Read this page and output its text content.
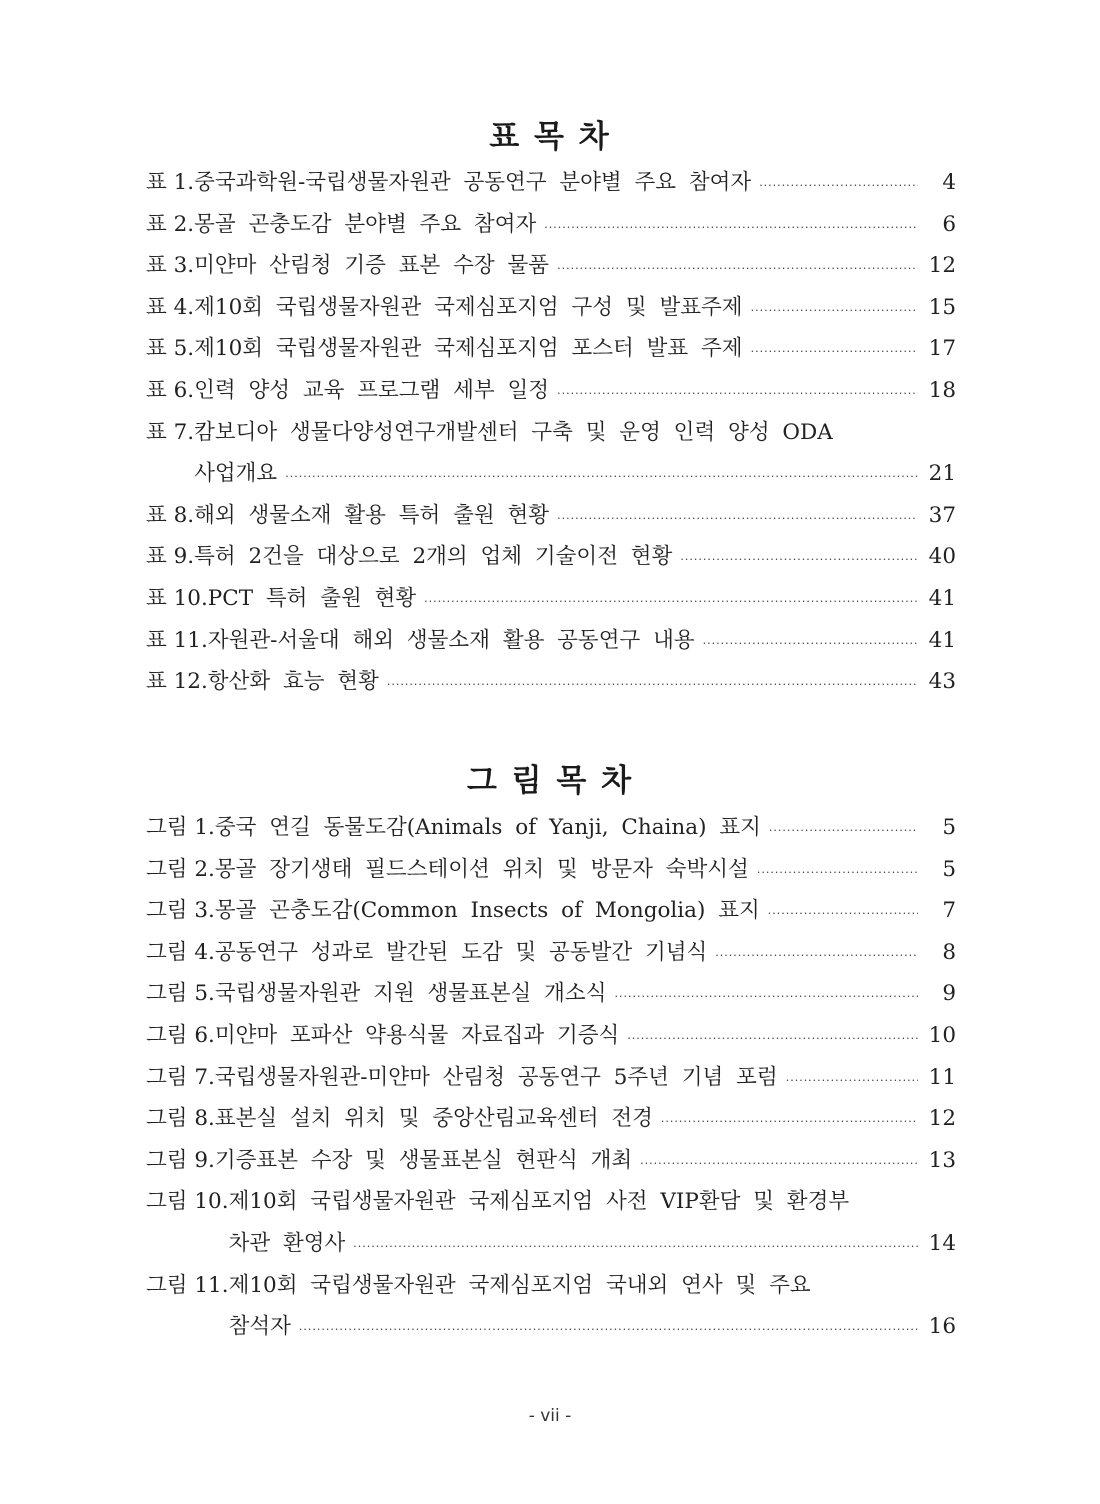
표 목 차
표 1. 중국과학원-국립생물자원관 공동연구 분야별 주요 참여자 ·····	4
표 2. 몽골 곤충도감 분야별 주요 참여자 ·····	6
표 3. 미얀마 산림청 기증 표본 수장 물품 ·····	12
표 4. 제10회 국립생물자원관 국제심포지엄 구성 및 발표주제 ·····	15
표 5. 제10회 국립생물자원관 국제심포지엄 포스터 발표 주제 ·····	17
표 6. 인력 양성 교육 프로그램 세부 일정 ·····	18
표 7. 캄보디아 생물다양성연구개발센터 구축 및 운영 인력 양성 ODA
사업개요 ·····	21
표 8. 해외 생물소재 활용 특허 출원 현황 ·····	37
표 9. 특허 2건을 대상으로 2개의 업체 기술이전 현황 ·····	40
표 10. PCT 특허 출원 현황 ·····	41
표 11. 자원관-서울대 해외 생물소재 활용 공동연구 내용 ·····	41
표 12. 항산화 효능 현황 ·····	43
그 림 목 차
그림 1. 중국 연길 동물도감(Animals of Yanji, Chaina) 표지 ·····	5
그림 2. 몽골 장기생태 필드스테이션 위치 및 방문자 숙박시설 ·····	5
그림 3. 몽골 곤충도감(Common Insects of Mongolia) 표지 ·····	7
그림 4. 공동연구 성과로 발간된 도감 및 공동발간 기념식 ·····	8
그림 5. 국립생물자원관 지원 생물표본실 개소식 ·····	9
그림 6. 미얀마 포파산 약용식물 자료집과 기증식 ·····	10
그림 7. 국립생물자원관-미얀마 산림청 공동연구 5주년 기념 포럼 ·····	11
그림 8. 표본실 설치 위치 및 중앙산림교육센터 전경 ·····	12
그림 9. 기증표본 수장 및 생물표본실 현판식 개최 ·····	13
그림 10. 제10회 국립생물자원관 국제심포지엄 사전 VIP환담 및 환경부
차관 환영사 ·····	14
그림 11. 제10회 국립생물자원관 국제심포지엄 국내외 연사 및 주요
참석자 ·····	16
- vii -
